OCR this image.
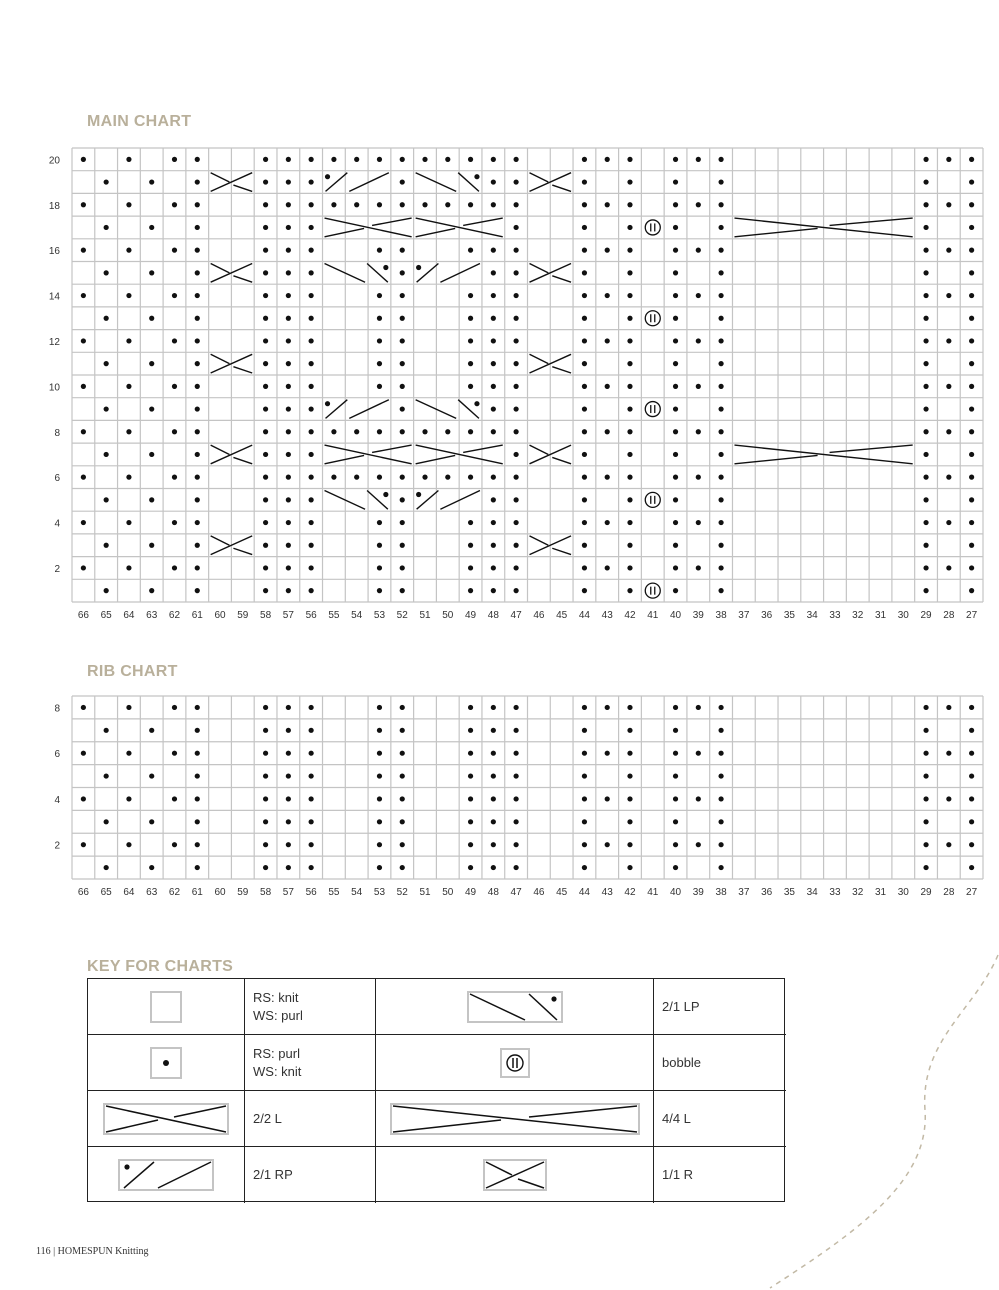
MAIN CHART
RIB CHART
KEY FOR CHARTS
20
18
16
14
12
10
8
6
4
2
66 65 64 63 62 61 60 59 58 57 56 55 54 53 52 51 50 49 48 47 46 45 44 43 42 41 40 39 38 37 36 35 34 33 32 31 30 29 28 27
8
6
4
2
66 65 64 63 62 61 60 59 58 57 56 55 54 53 52 51 50 49 48 47 46 45 44 43 42 41 40 39 38 37 36 35 34 33 32 31 30 29 28 27
RS: knit
WS: purl
2/1 LP
RS: purl
WS: knit
bobble
2/2 L	4/4 L
2/1 RP	1/1 R
116 | HOMESPUN Knitting
